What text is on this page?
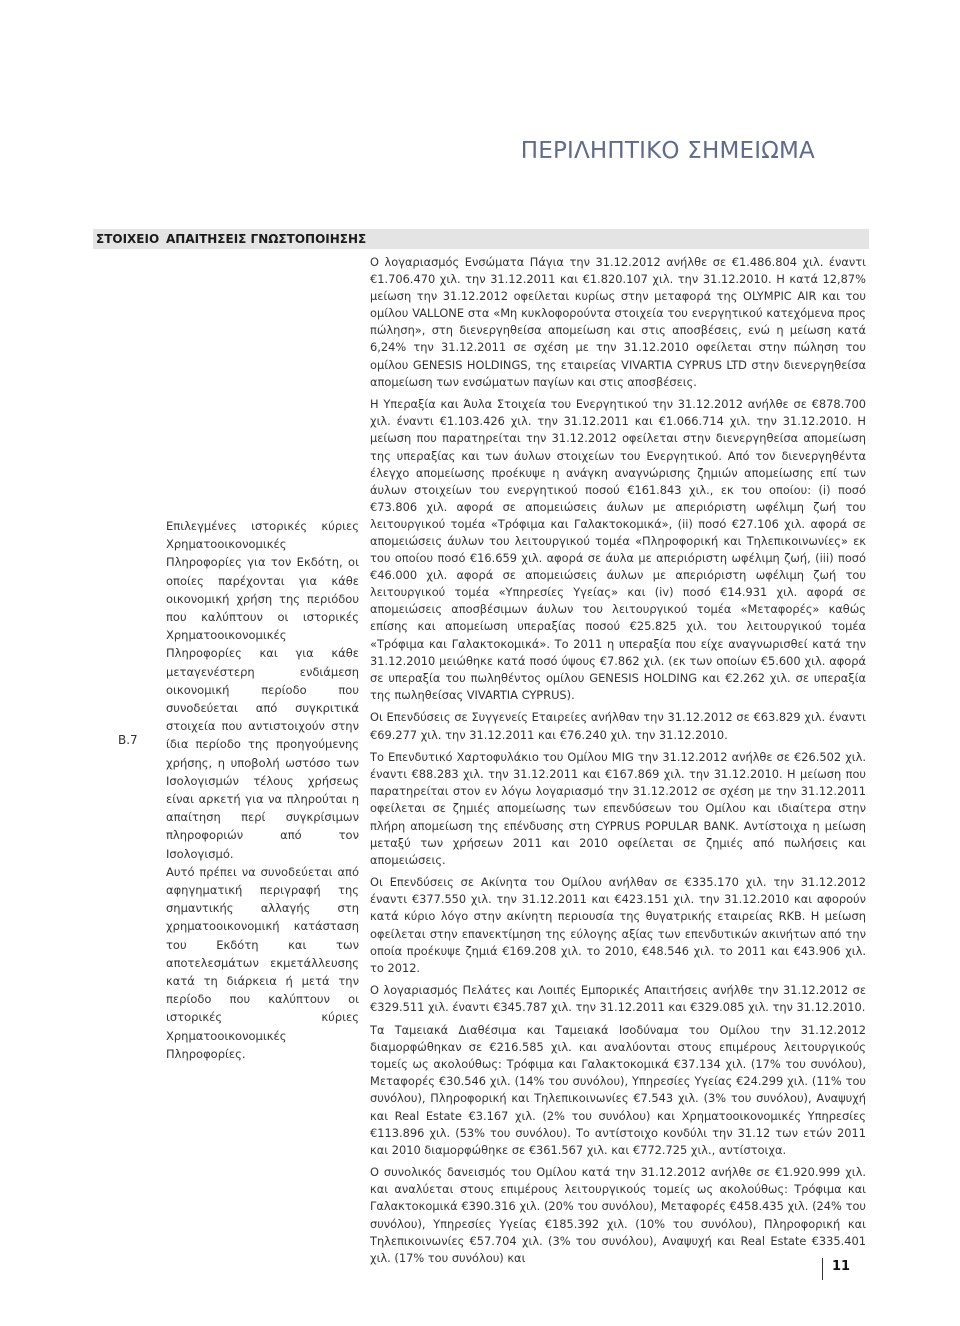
ΠΕΡΙΛΗΠΤΙΚΟ ΣΗΜΕΙΩΜΑ
ΣΤΟΙΧΕΙΟ ΑΠΑΙΤΗΣΕΙΣ ΓΝΩΣΤΟΠΟΙΗΣΗΣ
Β.7

Επιλεγμένες ιστορικές κύριες Χρηματοοικονομικές Πληροφορίες για τον Εκδότη, οι οποίες παρέχονται για κάθε οικονομική χρήση της περιόδου που καλύπτουν οι ιστορικές Χρηματοοικονομικές Πληροφορίες και για κάθε μεταγενέστερη ενδιάμεση οικονομική περίοδο που συνοδεύεται από συγκριτικά στοιχεία που αντιστοιχούν στην ίδια περίοδο της προηγούμενης χρήσης, η υποβολή ωστόσο των Ισολογισμών τέλους χρήσεως είναι αρκετή για να πληρούται η απαίτηση περί συγκρίσιμων πληροφοριών από τον Ισολογισμό.

Αυτό πρέπει να συνοδεύεται από αφηγηματική περιγραφή της σημαντικής αλλαγής στη χρηματοοικονομική κατάσταση του Εκδότη και των αποτελεσμάτων εκμετάλλευσης κατά τη διάρκεια ή μετά την περίοδο που καλύπτουν οι ιστορικές κύριες Χρηματοοικονομικές Πληροφορίες.

Ο λογαριασμός Ενσώματα Πάγια την 31.12.2012 ανήλθε σε €1.486.804 χιλ. έναντι €1.706.470 χιλ. την 31.12.2011 και €1.820.107 χιλ. την 31.12.2010. Η κατά 12,87% μείωση την 31.12.2012 οφείλεται κυρίως στην μεταφορά της OLYMPIC AIR και του ομίλου VALLONE στα «Μη κυκλοφορούντα στοιχεία του ενεργητικού κατεχόμενα προς πώληση», στη διενεργηθείσα απομείωση και στις αποσβέσεις, ενώ η μείωση κατά 6,24% την 31.12.2011 σε σχέση με την 31.12.2010 οφείλεται στην πώληση του ομίλου GENESIS HOLDINGS, της εταιρείας VIVARTIA CYPRUS LTD στην διενεργηθείσα απομείωση των ενσώματων παγίων και στις αποσβέσεις.

Η Υπεραξία και Άυλα Στοιχεία του Ενεργητικού την 31.12.2012 ανήλθε σε €878.700 χιλ. έναντι €1.103.426 χιλ. την 31.12.2011 και €1.066.714 χιλ. την 31.12.2010. Η μείωση που παρατηρείται την 31.12.2012 οφείλεται στην διενεργηθείσα απομείωση της υπεραξίας και των άυλων στοιχείων του Ενεργητικού. Από τον διενεργηθέντα έλεγχο απομείωσης προέκυψε η ανάγκη αναγνώρισης ζημιών απομείωσης επί των άυλων στοιχείων του ενεργητικού ποσού €161.843 χιλ., εκ του οποίου: (i) ποσό €73.806 χιλ. αφορά σε απομειώσεις άυλων με απεριόριστη ωφέλιμη ζωή του λειτουργικού τομέα «Τρόφιμα και Γαλακτοκομικά», (ii) ποσό €27.106 χιλ. αφορά σε απομειώσεις άυλων του λειτουργικού τομέα «Πληροφορική και Τηλεπικοινωνίες» εκ του οποίου ποσό €16.659 χιλ. αφορά σε άυλα με απεριόριστη ωφέλιμη ζωή, (iii) ποσό €46.000 χιλ. αφορά σε απομειώσεις άυλων με απεριόριστη ωφέλιμη ζωή του λειτουργικού τομέα «Υπηρεσίες Υγείας» και (iv) ποσό €14.931 χιλ. αφορά σε απομειώσεις αποσβέσιμων άυλων του λειτουργικού τομέα «Μεταφορές» καθώς επίσης και απομείωση υπεραξίας ποσού €25.825 χιλ. του λειτουργικού τομέα «Τρόφιμα και Γαλακτοκομικά». Το 2011 η υπεραξία που είχε αναγνωρισθεί κατά την 31.12.2010 μειώθηκε κατά ποσό ύψους €7.862 χιλ. (εκ των οποίων €5.600 χιλ. αφορά σε υπεραξία του πωληθέντος ομίλου GENESIS HOLDING και €2.262 χιλ. σε υπεραξία της πωληθείσας VIVARTIA CYPRUS).

Οι Επενδύσεις σε Συγγενείς Εταιρείες ανήλθαν την 31.12.2012 σε €63.829 χιλ. έναντι €69.277 χιλ. την 31.12.2011 και €76.240 χιλ. την 31.12.2010.

Το Επενδυτικό Χαρτοφυλάκιο του Ομίλου MIG την 31.12.2012 ανήλθε σε €26.502 χιλ. έναντι €88.283 χιλ. την 31.12.2011 και €167.869 χιλ. την 31.12.2010. Η μείωση που παρατηρείται στον εν λόγω λογαριασμό την 31.12.2012 σε σχέση με την 31.12.2011 οφείλεται σε ζημιές απομείωσης των επενδύσεων του Ομίλου και ιδιαίτερα στην πλήρη απομείωση της επένδυσης στη CYPRUS POPULAR BANK. Αντίστοιχα η μείωση μεταξύ των χρήσεων 2011 και 2010 οφείλεται σε ζημιές από πωλήσεις και απομειώσεις.

Οι Επενδύσεις σε Ακίνητα του Ομίλου ανήλθαν σε €335.170 χιλ. την 31.12.2012 έναντι €377.550 χιλ. την 31.12.2011 και €423.151 χιλ. την 31.12.2010 και αφορούν κατά κύριο λόγο στην ακίνητη περιουσία της θυγατρικής εταιρείας RKB. Η μείωση οφείλεται στην επανεκτίμηση της εύλογης αξίας των επενδυτικών ακινήτων από την οποία προέκυψε ζημιά €169.208 χιλ. το 2010, €48.546 χιλ. το 2011 και €43.906 χιλ. το 2012.

Ο λογαριασμός Πελάτες και Λοιπές Εμπορικές Απαιτήσεις ανήλθε την 31.12.2012 σε €329.511 χιλ. έναντι €345.787 χιλ. την 31.12.2011 και €329.085 χιλ. την 31.12.2010.

Τα Ταμειακά Διαθέσιμα και Ταμειακά Ισοδύναμα του Ομίλου την 31.12.2012 διαμορφώθηκαν σε €216.585 χιλ. και αναλύονται στους επιμέρους λειτουργικούς τομείς ως ακολούθως: Τρόφιμα και Γαλακτοκομικά €37.134 χιλ. (17% του συνόλου), Μεταφορές €30.546 χιλ. (14% του συνόλου), Υπηρεσίες Υγείας €24.299 χιλ. (11% του συνόλου), Πληροφορική και Τηλεπικοινωνίες €7.543 χιλ. (3% του συνόλου), Αναψυχή και Real Estate €3.167 χιλ. (2% του συνόλου) και Χρηματοοικονομικές Υπηρεσίες €113.896 χιλ. (53% του συνόλου). Το αντίστοιχο κονδύλι την 31.12 των ετών 2011 και 2010 διαμορφώθηκε σε €361.567 χιλ. και €772.725 χιλ., αντίστοιχα.

Ο συνολικός δανεισμός του Ομίλου κατά την 31.12.2012 ανήλθε σε €1.920.999 χιλ. και αναλύεται στους επιμέρους λειτουργικούς τομείς ως ακολούθως: Τρόφιμα και Γαλακτοκομικά €390.316 χιλ. (20% του συνόλου), Μεταφορές €458.435 χιλ. (24% του συνόλου), Υπηρεσίες Υγείας €185.392 χιλ. (10% του συνόλου), Πληροφορική και Τηλεπικοινωνίες €57.704 χιλ. (3% του συνόλου), Αναψυχή και Real Estate €335.401 χιλ. (17% του συνόλου) και

11
